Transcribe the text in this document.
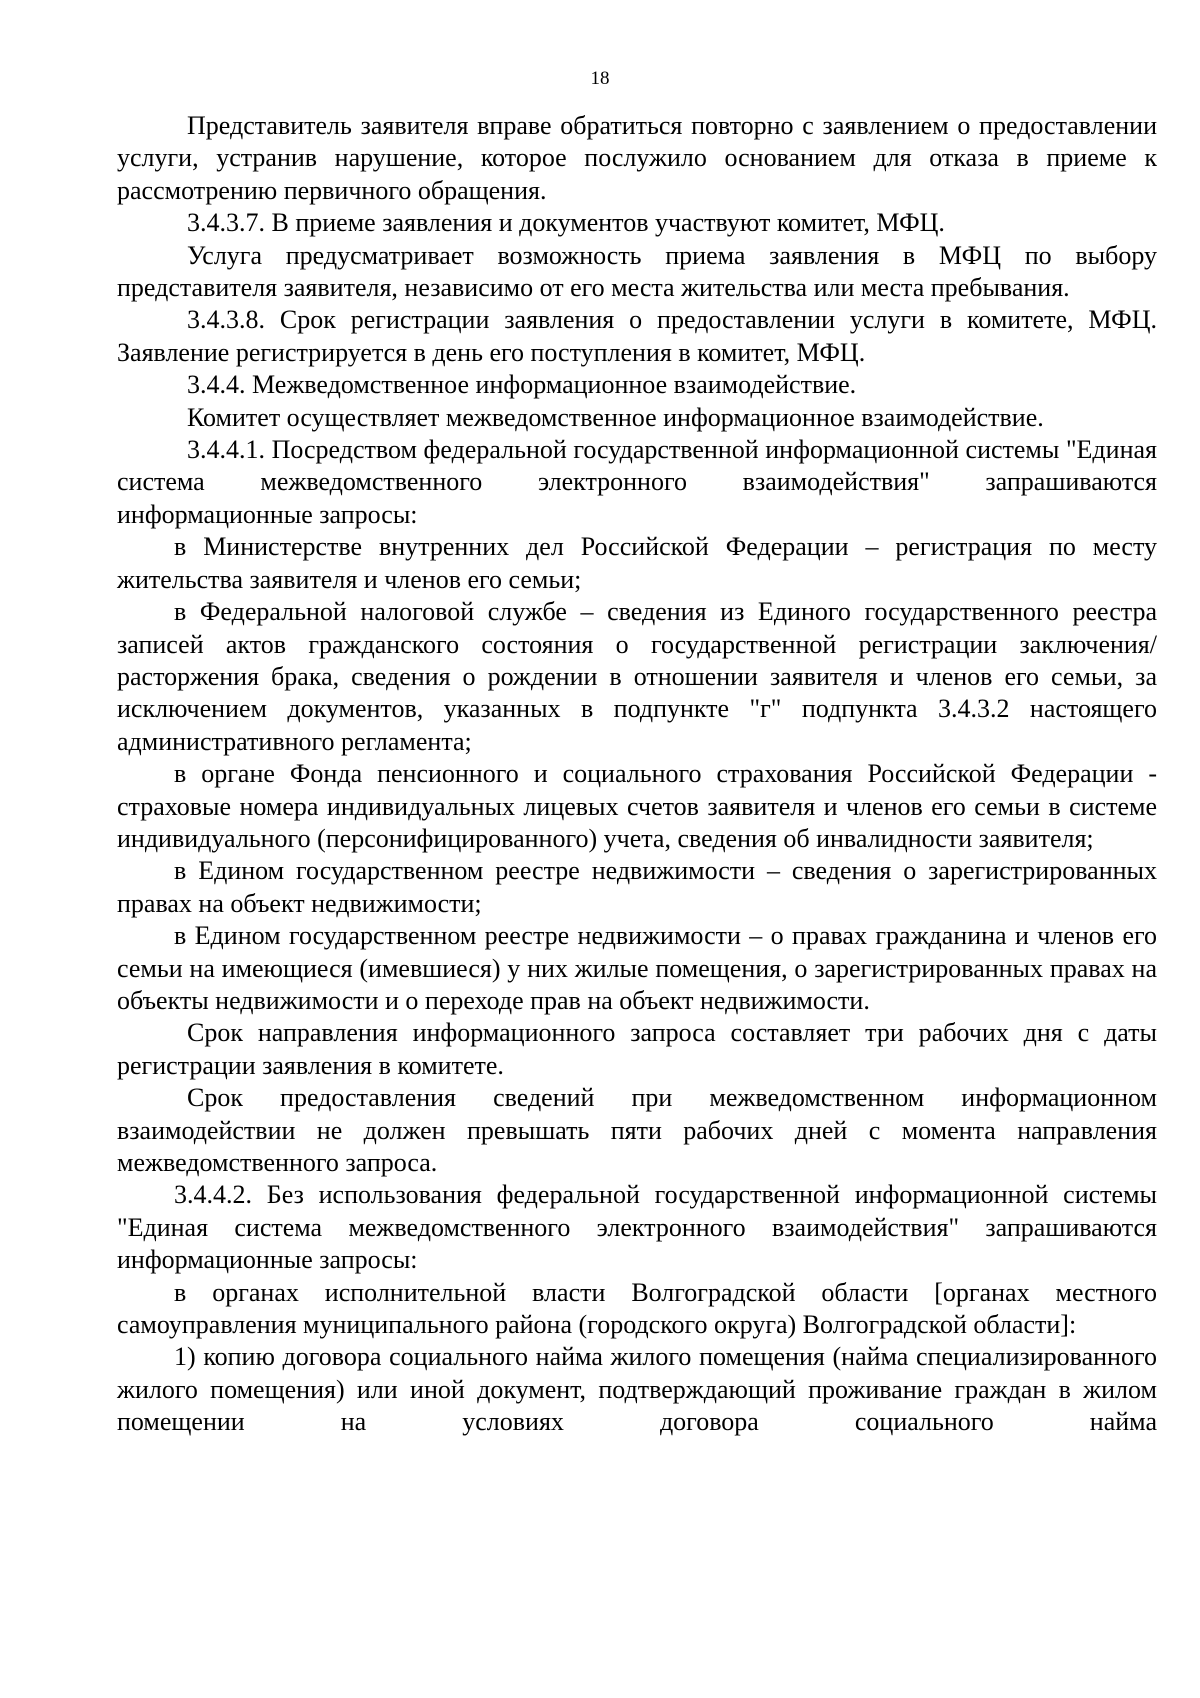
18

Представитель заявителя вправе обратиться повторно с заявлением о предоставлении услуги, устранив нарушение, которое послужило основанием для отказа в приеме к рассмотрению первичного обращения.

3.4.3.7. В приеме заявления и документов участвуют комитет, МФЦ.

Услуга предусматривает возможность приема заявления в МФЦ по выбору представителя заявителя, независимо от его места жительства или места пребывания.

3.4.3.8. Срок регистрации заявления о предоставлении услуги в комитете, МФЦ. Заявление регистрируется в день его поступления в комитет, МФЦ.

3.4.4. Межведомственное информационное взаимодействие.

Комитет осуществляет межведомственное информационное взаимодействие.

3.4.4.1. Посредством федеральной государственной информационной системы "Единая система межведомственного электронного взаимодействия" запрашиваются информационные запросы:

в Министерстве внутренних дел Российской Федерации – регистрация по месту жительства заявителя и членов его семьи;

в Федеральной налоговой службе – сведения из Единого государственного реестра записей актов гражданского состояния о государственной регистрации заключения/расторжения брака, сведения о рождении в отношении заявителя и членов его семьи, за исключением документов, указанных в подпункте "г" подпункта 3.4.3.2 настоящего административного регламента;

в органе Фонда пенсионного и социального страхования Российской Федерации - страховые номера индивидуальных лицевых счетов заявителя и членов его семьи в системе индивидуального (персонифицированного) учета, сведения об инвалидности заявителя;

в Едином государственном реестре недвижимости – сведения о зарегистрированных правах на объект недвижимости;

в Едином государственном реестре недвижимости – о правах гражданина и членов его семьи на имеющиеся (имевшиеся) у них жилые помещения, о зарегистрированных правах на объекты недвижимости и о переходе прав на объект недвижимости.

Срок направления информационного запроса составляет три рабочих дня с даты регистрации заявления в комитете.

Срок предоставления сведений при межведомственном информационном взаимодействии не должен превышать пяти рабочих дней с момента направления межведомственного запроса.

3.4.4.2. Без использования федеральной государственной информационной системы "Единая система межведомственного электронного взаимодействия" запрашиваются информационные запросы:

в органах исполнительной власти Волгоградской области [органах местного самоуправления муниципального района (городского округа) Волгоградской области]:

1) копию договора социального найма жилого помещения (найма специализированного жилого помещения) или иной документ, подтверждающий проживание граждан в жилом помещении на условиях договора социального найма
